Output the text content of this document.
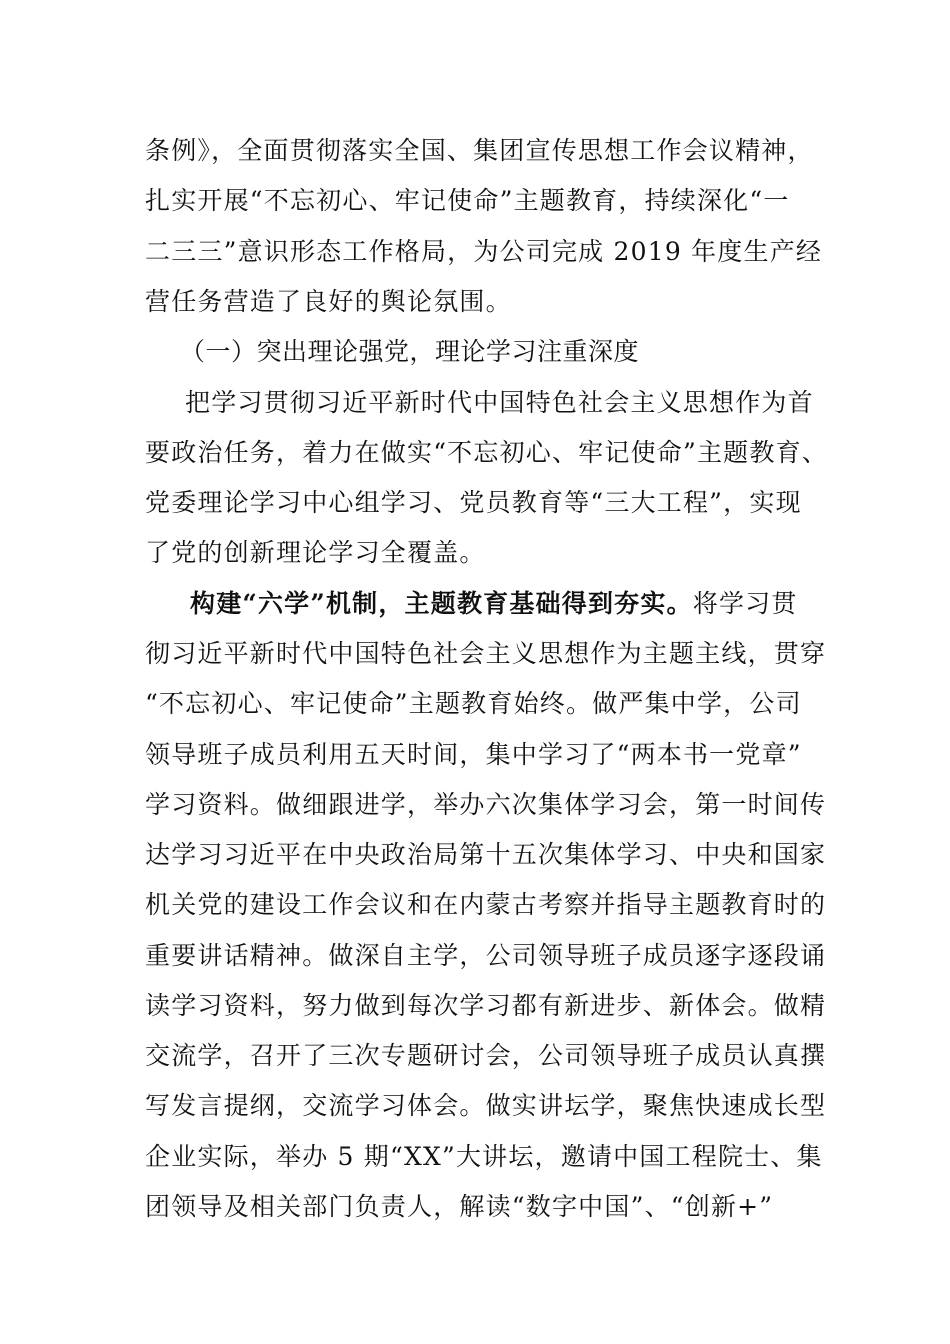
条例》，全面贯彻落实全国、集团宣传思想工作会议精神，
扎实开展“不忘初心、牢记使命”主题教育，持续深化“一
二三三”意识形态工作格局，为公司完成 2019 年度生产经
营任务营造了良好的舆论氛围。
（一）突出理论强党，理论学习注重深度
把学习贯彻习近平新时代中国特色社会主义思想作为首
要政治任务，着力在做实“不忘初心、牢记使命”主题教育、
党委理论学习中心组学习、党员教育等“三大工程”，实现
了党的创新理论学习全覆盖。
构建“六学”机制，主题教育基础得到夯实。将学习贯
彻习近平新时代中国特色社会主义思想作为主题主线，贯穿
“不忘初心、牢记使命”主题教育始终。做严集中学，公司
领导班子成员利用五天时间，集中学习了“两本书一党章”
学习资料。做细跟进学，举办六次集体学习会，第一时间传
达学习习近平在中央政治局第十五次集体学习、中央和国家
机关党的建设工作会议和在内蒙古考察并指导主题教育时的
重要讲话精神。做深自主学，公司领导班子成员逐字逐段诵
读学习资料，努力做到每次学习都有新进步、新体会。做精
交流学，召开了三次专题研讨会，公司领导班子成员认真撰
写发言提纲，交流学习体会。做实讲坛学，聚焦快速成长型
企业实际，举办 5 期“XX”大讲坛，邀请中国工程院士、集
团领导及相关部门负责人，解读“数字中国”、“创新+”
